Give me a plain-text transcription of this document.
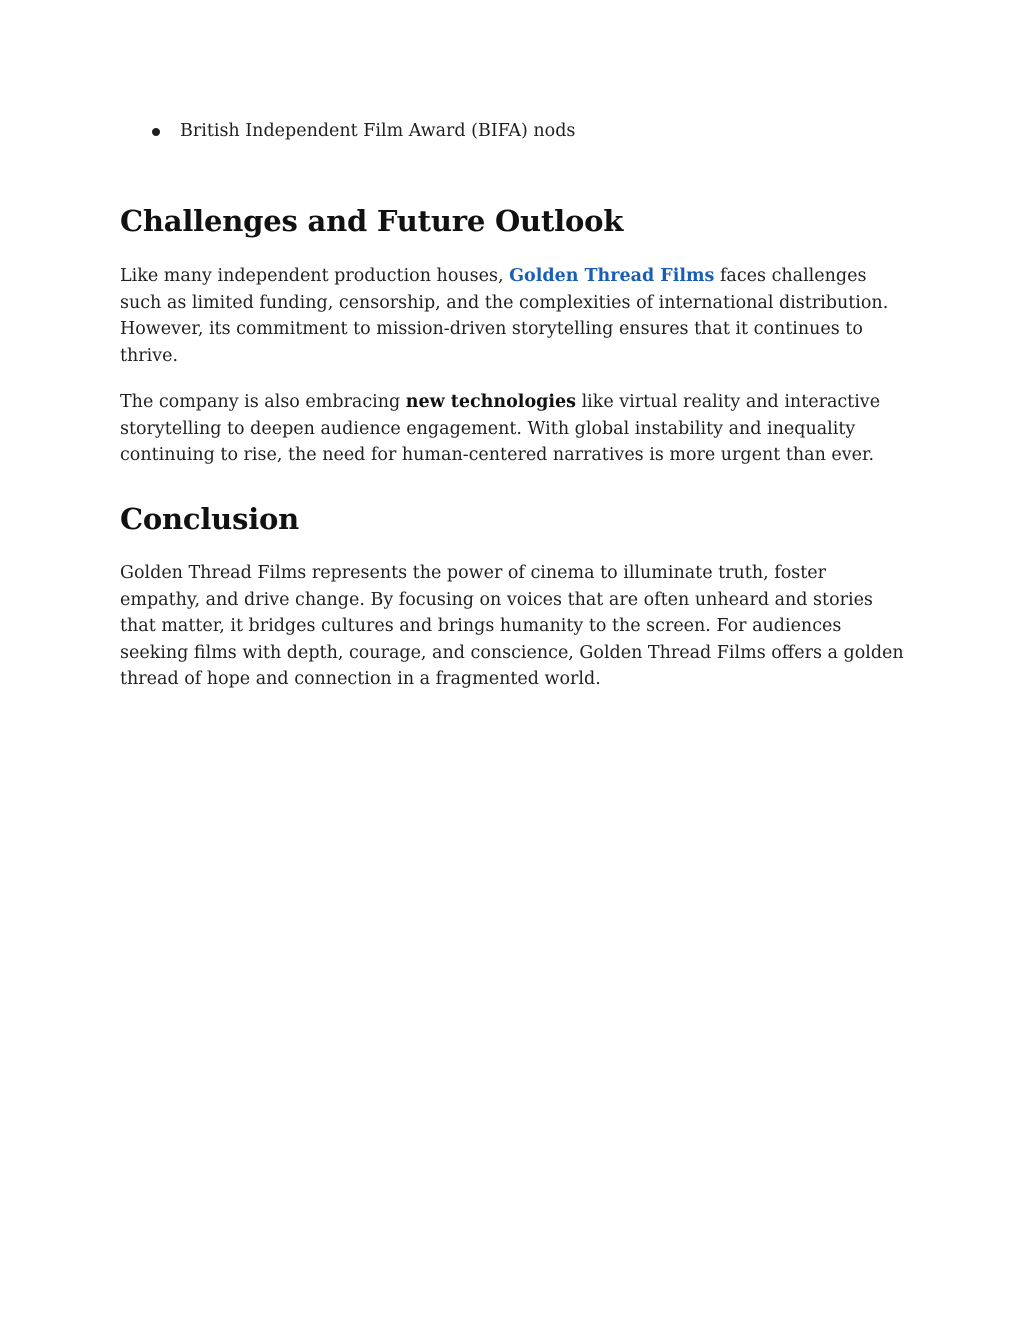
British Independent Film Award (BIFA) nods
Challenges and Future Outlook

Like many independent production houses, Golden Thread Films faces challenges such as limited funding, censorship, and the complexities of international distribution. However, its commitment to mission-driven storytelling ensures that it continues to thrive.

The company is also embracing new technologies like virtual reality and interactive storytelling to deepen audience engagement. With global instability and inequality continuing to rise, the need for human-centered narratives is more urgent than ever.

Conclusion

Golden Thread Films represents the power of cinema to illuminate truth, foster empathy, and drive change. By focusing on voices that are often unheard and stories that matter, it bridges cultures and brings humanity to the screen. For audiences seeking films with depth, courage, and conscience, Golden Thread Films offers a golden thread of hope and connection in a fragmented world.
